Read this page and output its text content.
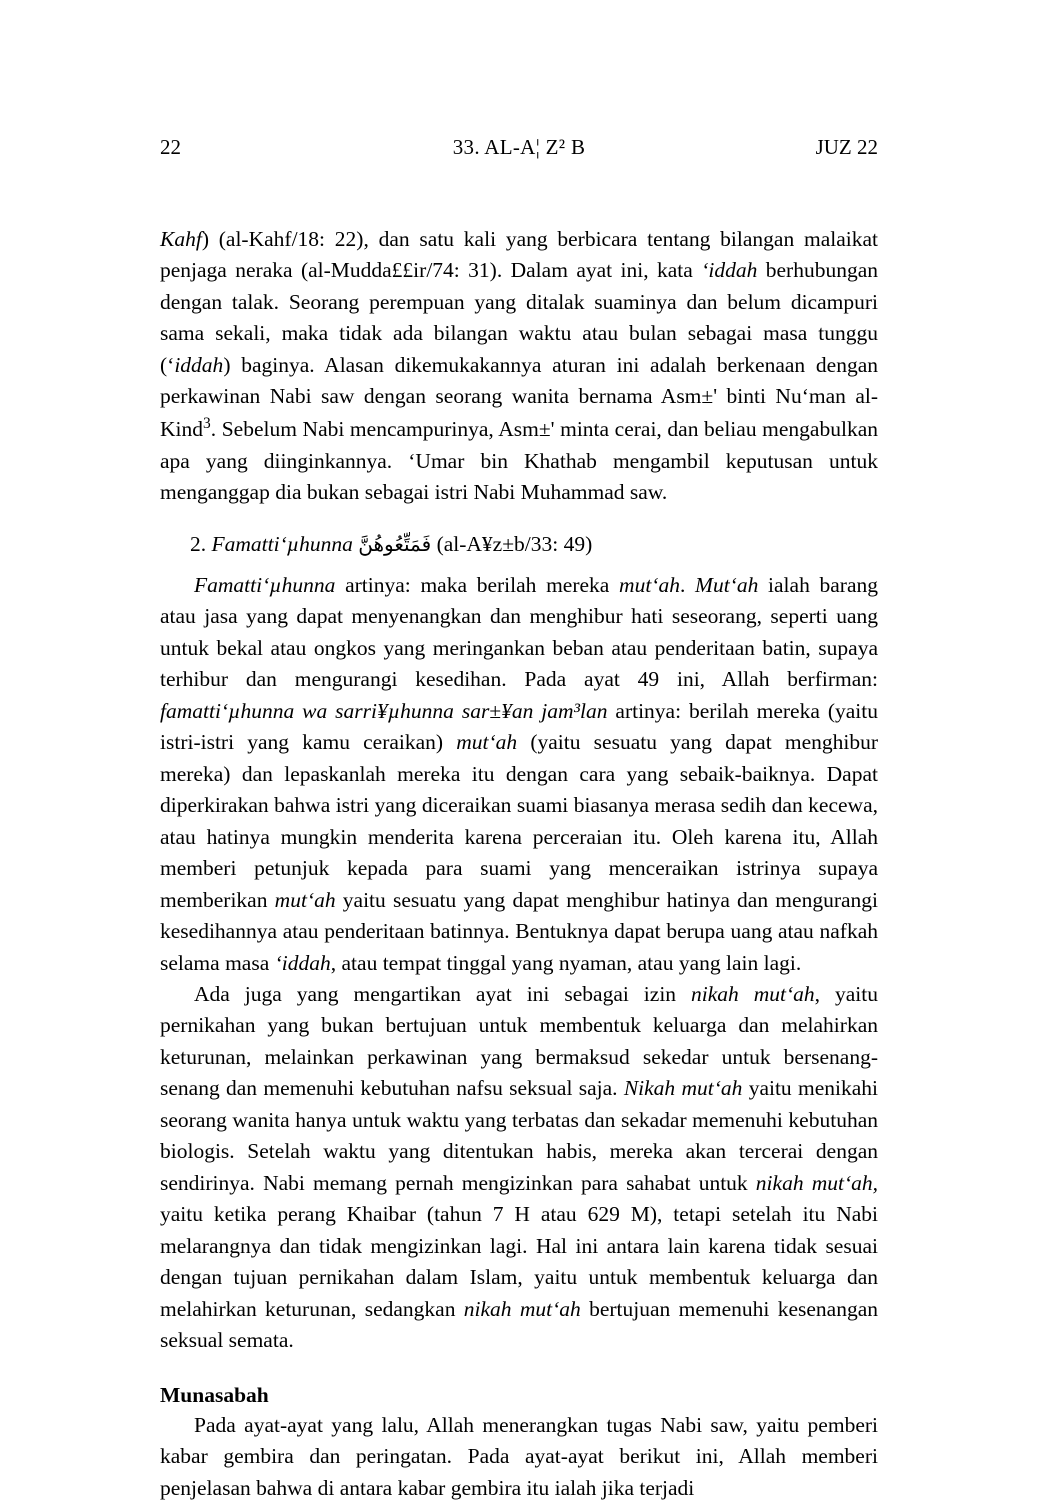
22	33. AL-A¦ Z² B	JUZ 22

Kahf) (al-Kahf/18: 22), dan satu kali yang berbicara tentang bilangan malaikat penjaga neraka (al-Mudda££ir/74: 31). Dalam ayat ini, kata ‘iddah berhubungan dengan talak. Seorang perempuan yang ditalak suaminya dan belum dicampuri sama sekali, maka tidak ada bilangan waktu atau bulan sebagai masa tunggu (‘iddah) baginya. Alasan dikemukakannya aturan ini adalah berkenaan dengan perkawinan Nabi saw dengan seorang wanita bernama Asm±' binti Nu‘man al-Kind$^3$. Sebelum Nabi mencampurinya, Asm±' minta cerai, dan beliau mengabulkan apa yang diinginkannya. ‘Umar bin Khathab mengambil keputusan untuk menganggap dia bukan sebagai istri Nabi Muhammad saw.

2. Famatti‘µhunna فَمَتِّعُوهُنَّ (al-A¥z±b/33: 49)

Famatti‘µhunna artinya: maka berilah mereka mut‘ah. Mut‘ah ialah barang atau jasa yang dapat menyenangkan dan menghibur hati seseorang, seperti uang untuk bekal atau ongkos yang meringankan beban atau penderitaan batin, supaya terhibur dan mengurangi kesedihan. Pada ayat 49 ini, Allah berfirman: famatti‘µhunna wa sarri¥µhunna sar±¥an jam³lan artinya: berilah mereka (yaitu istri-istri yang kamu ceraikan) mut‘ah (yaitu sesuatu yang dapat menghibur mereka) dan lepaskanlah mereka itu dengan cara yang sebaik-baiknya. Dapat diperkirakan bahwa istri yang diceraikan suami biasanya merasa sedih dan kecewa, atau hatinya mungkin menderita karena perceraian itu. Oleh karena itu, Allah memberi petunjuk kepada para suami yang menceraikan istrinya supaya memberikan mut‘ah yaitu sesuatu yang dapat menghibur hatinya dan mengurangi kesedihannya atau penderitaan batinnya. Bentuknya dapat berupa uang atau nafkah selama masa ‘iddah, atau tempat tinggal yang nyaman, atau yang lain lagi.

Ada juga yang mengartikan ayat ini sebagai izin nikah mut‘ah, yaitu pernikahan yang bukan bertujuan untuk membentuk keluarga dan melahirkan keturunan, melainkan perkawinan yang bermaksud sekedar untuk bersenang-senang dan memenuhi kebutuhan nafsu seksual saja. Nikah mut‘ah yaitu menikahi seorang wanita hanya untuk waktu yang terbatas dan sekadar memenuhi kebutuhan biologis. Setelah waktu yang ditentukan habis, mereka akan tercerai dengan sendirinya. Nabi memang pernah mengizinkan para sahabat untuk nikah mut‘ah, yaitu ketika perang Khaibar (tahun 7 H atau 629 M), tetapi setelah itu Nabi melarangnya dan tidak mengizinkan lagi. Hal ini antara lain karena tidak sesuai dengan tujuan pernikahan dalam Islam, yaitu untuk membentuk keluarga dan melahirkan keturunan, sedangkan nikah mut‘ah bertujuan memenuhi kesenangan seksual semata.

Munasabah

Pada ayat-ayat yang lalu, Allah menerangkan tugas Nabi saw, yaitu pemberi kabar gembira dan peringatan. Pada ayat-ayat berikut ini, Allah memberi penjelasan bahwa di antara kabar gembira itu ialah jika terjadi
